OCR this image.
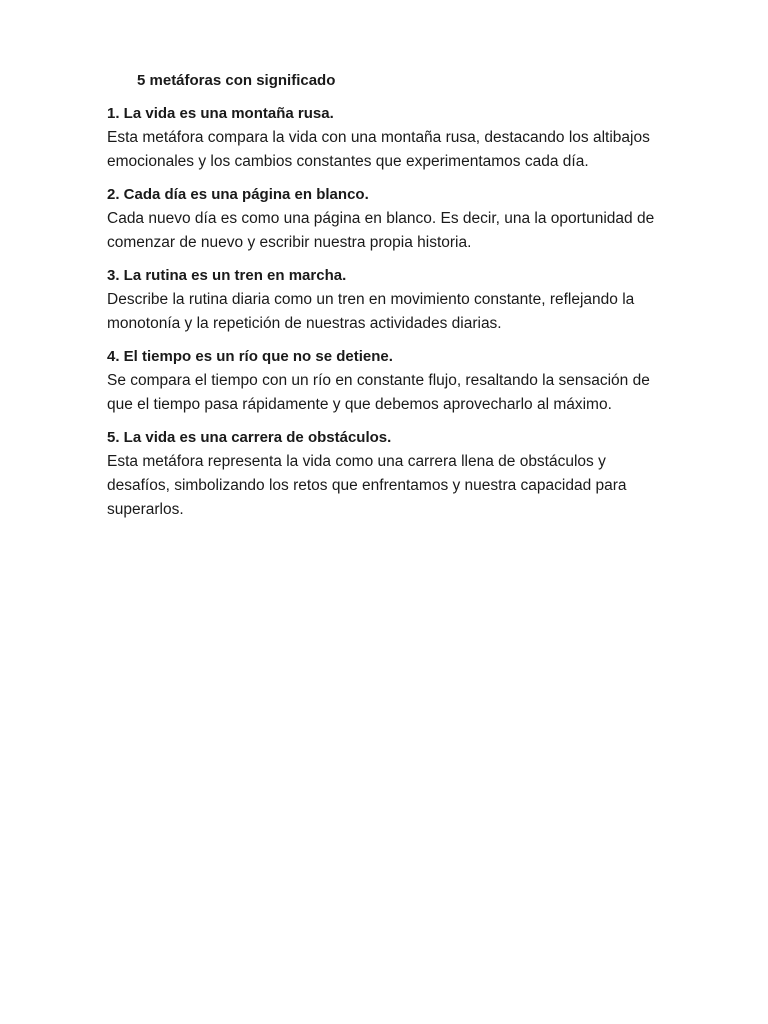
5 metáforas con significado

1. La vida es una montaña rusa.

Esta metáfora compara la vida con una montaña rusa, destacando los altibajos emocionales y los cambios constantes que experimentamos cada día.

2. Cada día es una página en blanco.

Cada nuevo día es como una página en blanco. Es decir, una la oportunidad de comenzar de nuevo y escribir nuestra propia historia.

3. La rutina es un tren en marcha.

Describe la rutina diaria como un tren en movimiento constante, reflejando la monotonía y la repetición de nuestras actividades diarias.

4. El tiempo es un río que no se detiene.

Se compara el tiempo con un río en constante flujo, resaltando la sensación de que el tiempo pasa rápidamente y que debemos aprovecharlo al máximo.

5. La vida es una carrera de obstáculos.

Esta metáfora representa la vida como una carrera llena de obstáculos y desafíos, simbolizando los retos que enfrentamos y nuestra capacidad para superarlos.
